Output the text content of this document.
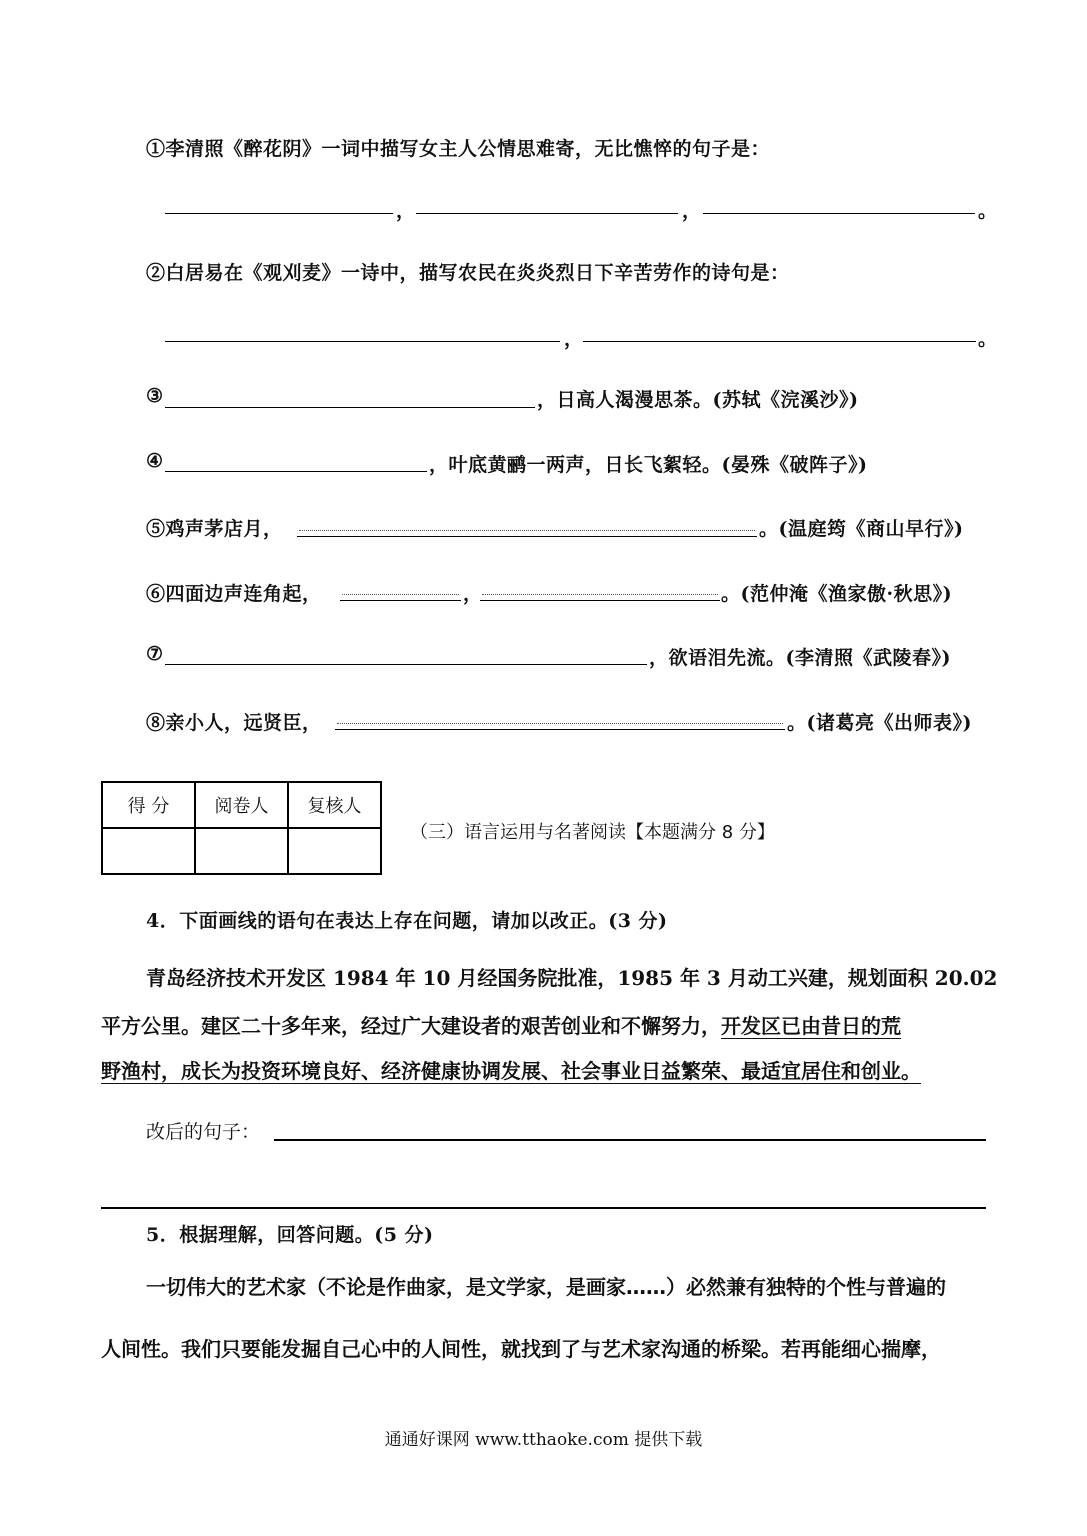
①李清照《醉花阴》一词中描写女主人公情思难寄，无比憔悴的句子是：
，	，	。
②白居易在《观刈麦》一诗中，描写农民在炎炎烈日下辛苦劳作的诗句是：
，	。
③	，日高人渴漫思茶。(苏轼《浣溪沙》)
④	，叶底黄鹂一两声，日长飞絮轻。(晏殊《破阵子》)
⑤鸡声茅店月，	。(温庭筠《商山早行》)
⑥四面边声连角起，	，	。(范仲淹《渔家傲·秋思》)
⑦	，欲语泪先流。(李清照《武陵春》)
⑧亲小人，远贤臣，	。(诸葛亮《出师表》)
得 分	阅卷人	复核人

（三）语言运用与名著阅读【本题满分 8 分】
4．下面画线的语句在表达上存在问题，请加以改正。(3 分)
青岛经济技术开发区 1984 年 10 月经国务院批准，1985 年 3 月动工兴建，规划面积 20.02
平方公里。建区二十多年来，经过广大建设者的艰苦创业和不懈努力，开发区已由昔日的荒
野渔村，成长为投资环境良好、经济健康协调发展、社会事业日益繁荣、最适宜居住和创业。
改后的句子：
5．根据理解，回答问题。(5 分)
一切伟大的艺术家（不论是作曲家，是文学家，是画家……）必然兼有独特的个性与普遍的
人间性。我们只要能发掘自己心中的人间性，就找到了与艺术家沟通的桥梁。若再能细心揣摩，
通通好课网 www.tthaoke.com 提供下载
